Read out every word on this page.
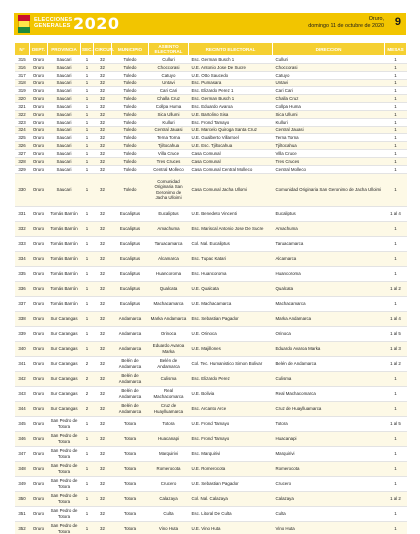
ELECCIONES
GENERALES 2020	Oruro,
domingo 11 de octubre de 2020 9
N°	DEPT.	PROVINCIA	SEC.	CIRCUN.	MUNICIPIO	ASIENTO ELECTORAL	RECINTO ELECTORAL	DIRECCION	MESAS
315	Oruro	Saucari	1	32	Toledo	Culluri	Esc. German Busch 1	Culluri	1
316	Oruro	Saucari	1	32	Toledo	Choccorasi	U.E. Antonio Jose De Sucre	Choccorasi	1
317	Oruro	Saucari	1	32	Toledo	Catuyo	U.E. Otto Saucedo	Catuyo	1
318	Oruro	Saucari	1	32	Toledo	Untavi	Esc. Pumasara	Untavi	1
319	Oruro	Saucari	1	32	Toledo	Cari Cari	Esc. Elizardo Perez 1	Cari Cari	1
320	Oruro	Saucari	1	32	Toledo	Challa Cruz	Esc. German Busch 1	Challa Cruz	1
321	Oruro	Saucari	1	32	Toledo	Collpa Huma	Esc. Eduardo Avaroa	Collpa Huma	1
322	Oruro	Saucari	1	32	Toledo	Sica Ullumi	U.E. Bartolino Sisa	Sica Ullumi	1
323	Oruro	Saucari	1	32	Toledo	Kulluri	Esc. Frond Tamayo	Kulluri	1
324	Oruro	Saucari	1	32	Toledo	Central Jauasi	U.E. Marcelo Quiroga Santa Cruz	Central Jauasi	1
325	Oruro	Saucari	1	32	Toledo	Terna Torna	U.E. Gualberto Villarroel	Terna Torna	1
326	Oruro	Saucari	1	32	Toledo	Tjiltocahua	U.E. Esc. Tjiltocahua	Tjiltocahua	1
327	Oruro	Saucari	1	32	Toledo	Villa Cruce	Casa Comunal	Villa Cruce	1
328	Oruro	Saucari	1	32	Toledo	Tres Cruces	Casa Comunal	Tres Cruces	1
329	Oruro	Saucari	1	32	Toledo	Central Molleco	Casa Comunal Central Molleco	Central Molleco	1
330	Oruro	Saucari	1	32	Toledo	Comunidad Originaria San Geronimo de Jacha Ulloimi	Casa Comunal Jacha Ullomi	Comunidad Originaria San Geronimo de Jacha Ulloimi	1
331	Oruro	Tomás Barrón	1	32	Eucaliptus	Eucaliptus	U.E. Benedeto Vincenti	Eucaliptus	1 al 4
332	Oruro	Tomás Barrón	1	32	Eucaliptus	Amachuma	Esc. Mariscal Antonio Jose De Sucre	Amachuma	1
333	Oruro	Tomás Barrón	1	32	Eucaliptus	Taruacamarca	Col. Nal. Eucaliptus	Taruacamarca	1
334	Oruro	Tomás Barrón	1	32	Eucaliptus	Alcamarca	Esc. Tupac Katari	Alcamarca	1
335	Oruro	Tomás Barrón	1	32	Eucaliptus	Huancoroma	Esc. Huancoroma	Huancoroma	1
336	Oruro	Tomás Barrón	1	32	Eucaliptus	Qualcata	U.E. Qualcata	Qualcata	1 al 2
337	Oruro	Tomás Barrón	1	32	Eucaliptus	Machacamarca	U.E. Machacamarca	Machacamarca	1
338	Oruro	Sur Carangas	1	32	Andamarca	Marka Andamarca	Esc. Sebastian Pagador	Marka Andamarca	1 al 4
339	Oruro	Sur Carangas	1	32	Andamarca	Orinoca	U.E. Orinoca	Orinoca	1 al 5
340	Oruro	Sur Carangas	1	32	Andamarca	Eduardo Avaroa Marka	U.E. Majillones	Eduardo Avaroa Marka	1 al 3
341	Oruro	Sur Carangas	2	32	Belén de Andamarca	Belén de Andamarca	Col. Tec. Humanistico Simon Bolivar	Belén de Andamarca	1 al 2
342	Oruro	Sur Carangas	2	32	Belén de Andamarca	Culisma	Esc. Elizardo Perez	Culisma	1
343	Oruro	Sur Carangas	2	32	Belén de Andamarca	Real Machacomarca	U.E. Bolivia	Real Machacomarca	1
344	Oruro	Sur Carangas	2	32	Belén de Andamarca	Cruz de Huaylluamarca	Esc. Arcanto Arce	Cruz de Huaylluamarca	1
345	Oruro	San Pedro de Totora	1	32	Totora	Totora	U.E. Frond Tamayo	Totora	1 al 5
346	Oruro	San Pedro de Totora	1	32	Totora	Huacanapi	Esc. Frond Tamayo	Huacanapi	1
347	Oruro	San Pedro de Totora	1	32	Totora	Marquirivi	Esc. Marquirivi	Marquirivi	1
348	Oruro	San Pedro de Totora	1	32	Totora	Romerocota	U.E. Romerocota	Romerocota	1
349	Oruro	San Pedro de Totora	1	32	Totora	Crucero	U.E. Sebastian Pagador	Crucero	1
350	Oruro	San Pedro de Totora	1	32	Totora	Calazaya	Col. Nal. Calazaya	Calazaya	1 al 2
351	Oruro	San Pedro de Totora	1	32	Totora	Culta	Esc. Litoral De Culta	Culta	1
352	Oruro	San Pedro de Totora	1	32	Totora	Vino Huta	U.E. Vino Huta	Vino Huta	1
